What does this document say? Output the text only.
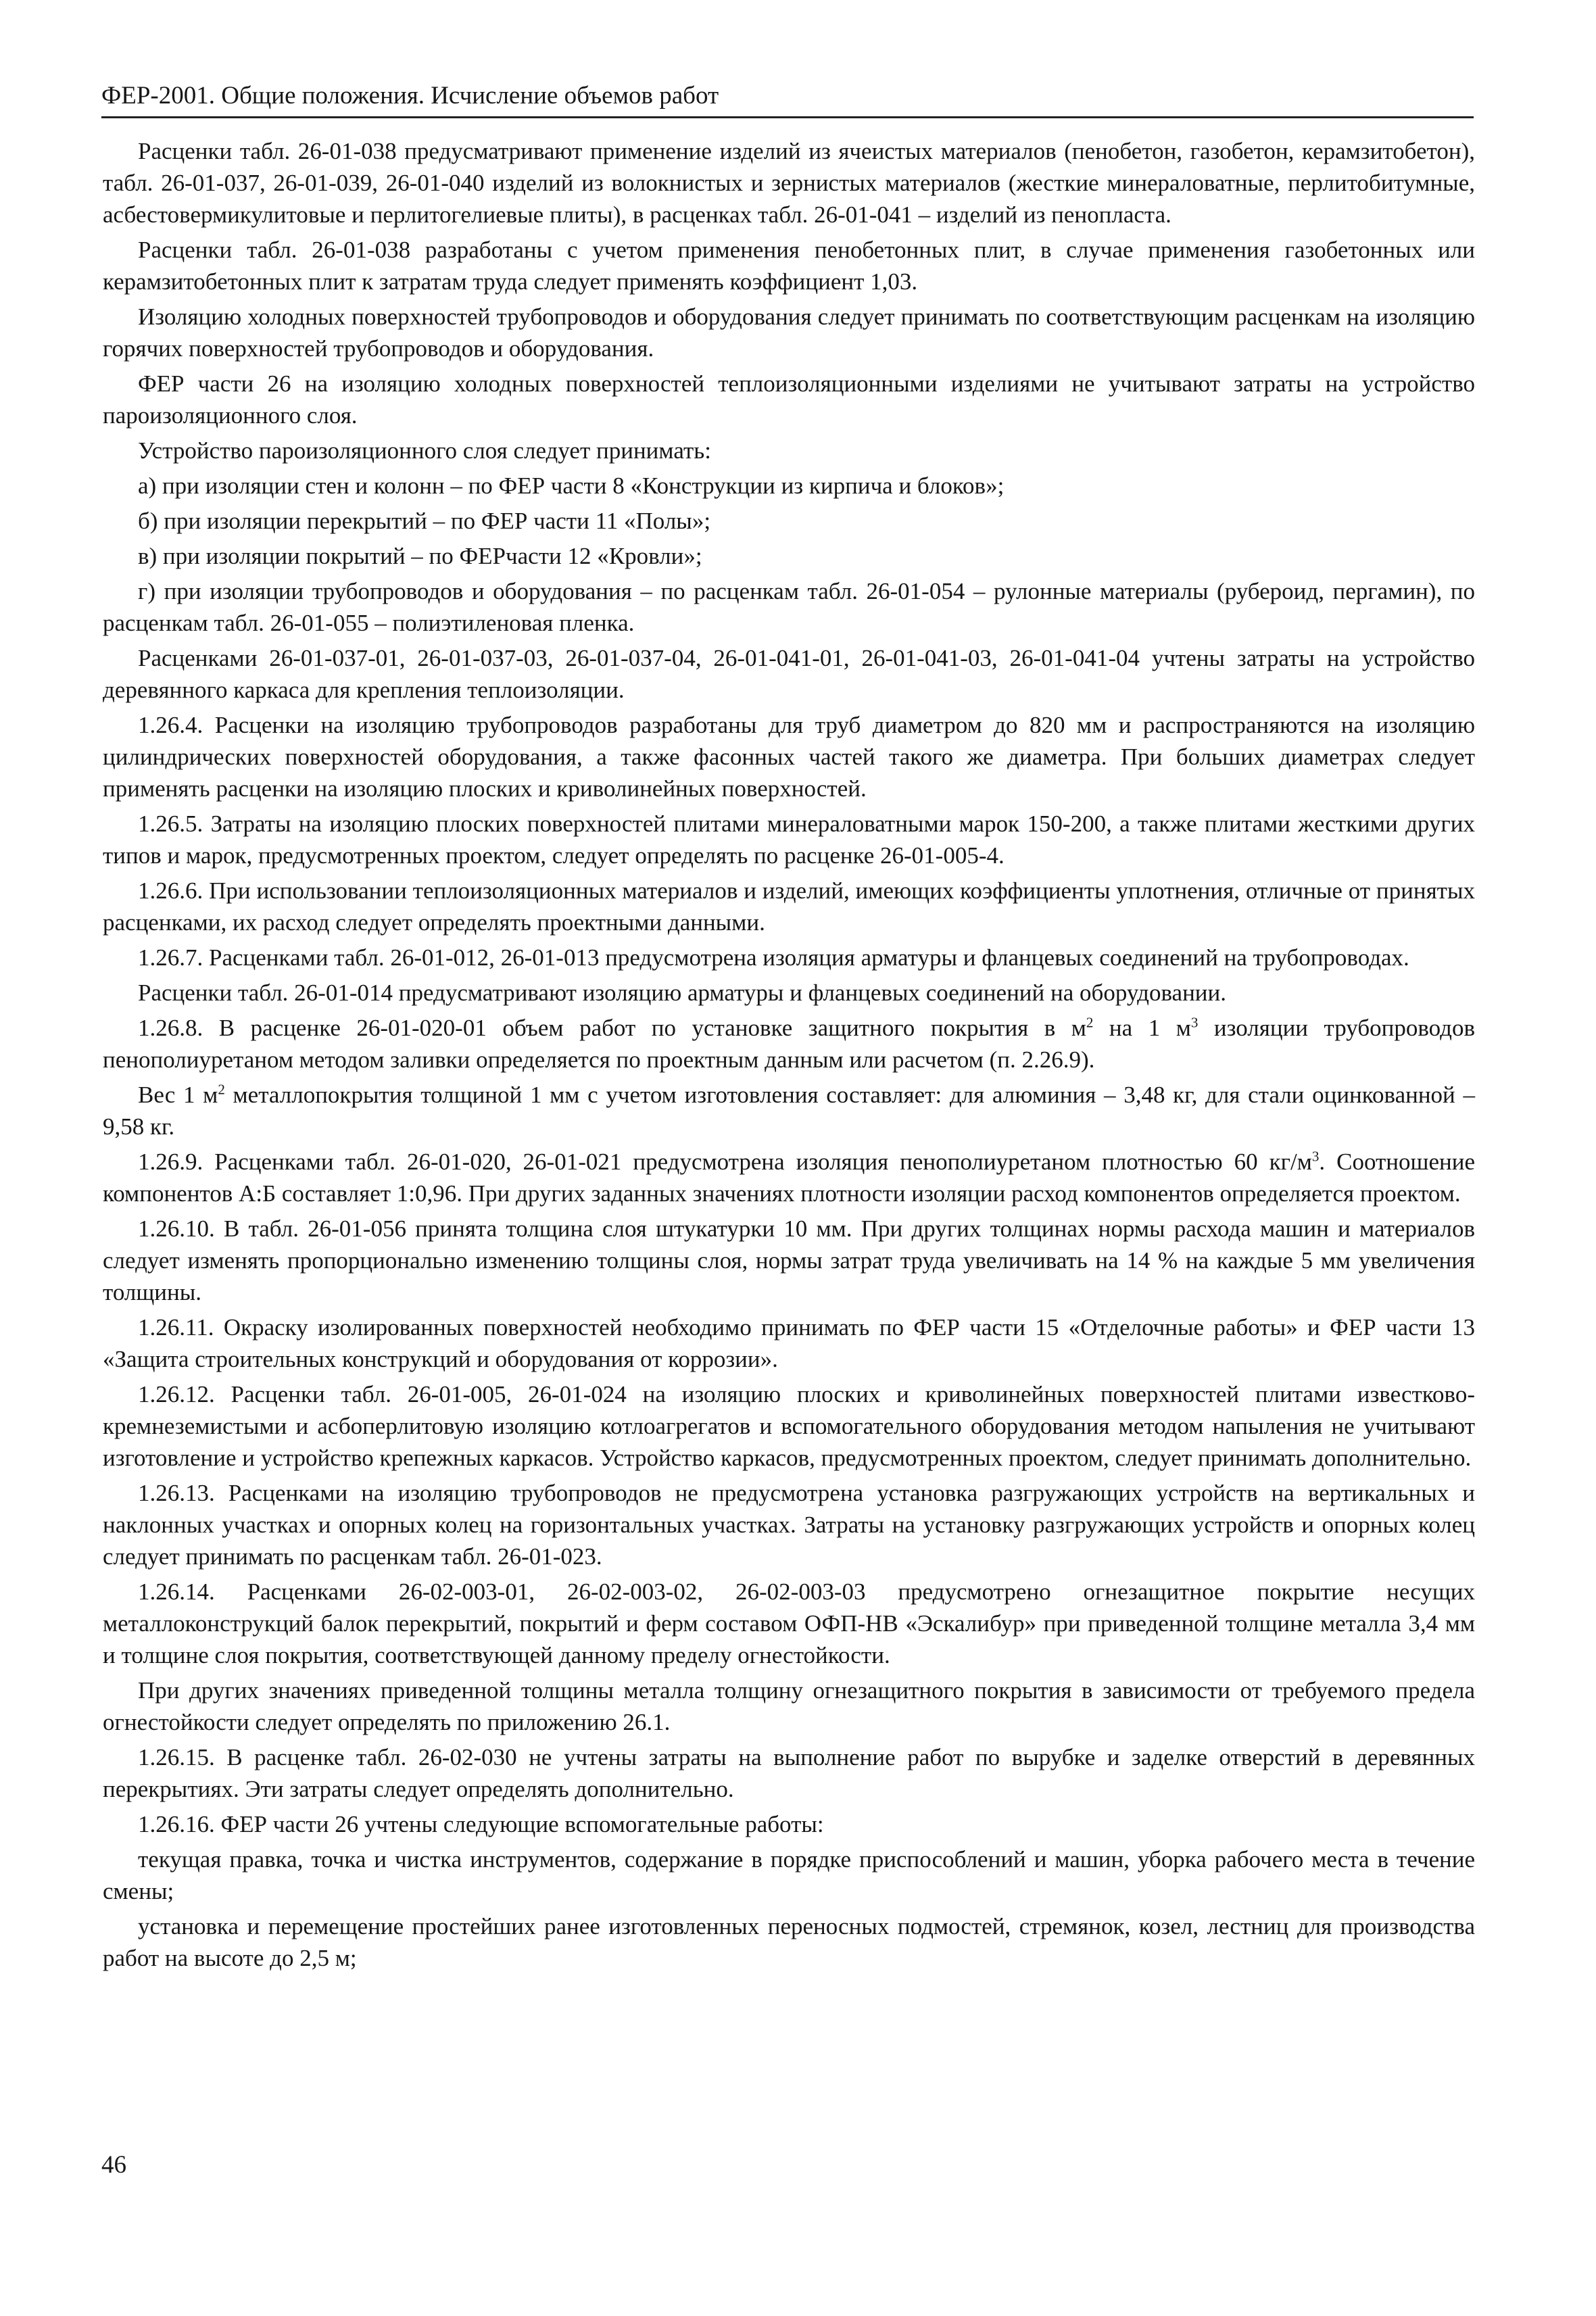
ФЕР-2001. Общие положения. Исчисление объемов работ

Расценки табл. 26-01-038 предусматривают применение изделий из ячеистых материалов (пенобетон, газобетон, керамзитобетон), табл. 26-01-037, 26-01-039, 26-01-040 изделий из волокнистых и зернистых материалов (жесткие минераловатные, перлитобитумные, асбестовермикулитовые и перлитогелиевые плиты), в расценках табл. 26-01-041 – изделий из пенопласта.

Расценки табл. 26-01-038 разработаны с учетом применения пенобетонных плит, в случае применения газобетонных или керамзитобетонных плит к затратам труда следует применять коэффициент 1,03.

Изоляцию холодных поверхностей трубопроводов и оборудования следует принимать по соответствующим расценкам на изоляцию горячих поверхностей трубопроводов и оборудования.

ФЕР части 26 на изоляцию холодных поверхностей теплоизоляционными изделиями не учитывают затраты на устройство пароизоляционного слоя.

Устройство пароизоляционного слоя следует принимать:

а) при изоляции стен и колонн – по ФЕР части 8 «Конструкции из кирпича и блоков»;

б) при изоляции перекрытий – по ФЕР части 11 «Полы»;

в) при изоляции покрытий – по ФЕРчасти 12 «Кровли»;

г) при изоляции трубопроводов и оборудования – по расценкам табл. 26-01-054 – рулонные материалы (рубероид, пергамин), по расценкам табл. 26-01-055 – полиэтиленовая пленка.

Расценками 26-01-037-01, 26-01-037-03, 26-01-037-04, 26-01-041-01, 26-01-041-03, 26-01-041-04 учтены затраты на устройство деревянного каркаса для крепления теплоизоляции.

1.26.4. Расценки на изоляцию трубопроводов разработаны для труб диаметром до 820 мм и распространяются на изоляцию цилиндрических поверхностей оборудования, а также фасонных частей такого же диаметра. При больших диаметрах следует применять расценки на изоляцию плоских и криволинейных поверхностей.

1.26.5. Затраты на изоляцию плоских поверхностей плитами минераловатными марок 150-200, а также плитами жесткими других типов и марок, предусмотренных проектом, следует определять по расценке 26-01-005-4.

1.26.6. При использовании теплоизоляционных материалов и изделий, имеющих коэффициенты уплотнения, отличные от принятых расценками, их расход следует определять проектными данными.

1.26.7. Расценками табл. 26-01-012, 26-01-013 предусмотрена изоляция арматуры и фланцевых соединений на трубопроводах.

Расценки табл. 26-01-014 предусматривают изоляцию арматуры и фланцевых соединений на оборудовании.

1.26.8. В расценке 26-01-020-01 объем работ по установке защитного покрытия в $м^2$ на 1 $м^3$ изоляции трубопроводов пенополиуретаном методом заливки определяется по проектным данным или расчетом (п. 2.26.9).

Вес 1 $м^2$ металлопокрытия толщиной 1 мм с учетом изготовления составляет: для алюминия – 3,48 кг, для стали оцинкованной – 9,58 кг.

1.26.9. Расценками табл. 26-01-020, 26-01-021 предусмотрена изоляция пенополиуретаном плотностью 60 $кг/м^3$. Соотношение компонентов А:Б составляет 1:0,96. При других заданных значениях плотности изоляции расход компонентов определяется проектом.

1.26.10. В табл. 26-01-056 принята толщина слоя штукатурки 10 мм. При других толщинах нормы расхода машин и материалов следует изменять пропорционально изменению толщины слоя, нормы затрат труда увеличивать на 14 % на каждые 5 мм увеличения толщины.

1.26.11. Окраску изолированных поверхностей необходимо принимать по ФЕР части 15 «Отделочные работы» и ФЕР части 13 «Защита строительных конструкций и оборудования от коррозии».

1.26.12. Расценки табл. 26-01-005, 26-01-024 на изоляцию плоских и криволинейных поверхностей плитами известково-кремнеземистыми и асбоперлитовую изоляцию котлоагрегатов и вспомогательного оборудования методом напыления не учитывают изготовление и устройство крепежных каркасов. Устройство каркасов, предусмотренных проектом, следует принимать дополнительно.

1.26.13. Расценками на изоляцию трубопроводов не предусмотрена установка разгружающих устройств на вертикальных и наклонных участках и опорных колец на горизонтальных участках. Затраты на установку разгружающих устройств и опорных колец следует принимать по расценкам табл. 26-01-023.

1.26.14. Расценками 26-02-003-01, 26-02-003-02, 26-02-003-03 предусмотрено огнезащитное покрытие несущих металлоконструкций балок перекрытий, покрытий и ферм составом ОФП-НВ «Эскалибур» при приведенной толщине металла 3,4 мм и толщине слоя покрытия, соответствующей данному пределу огнестойкости.

При других значениях приведенной толщины металла толщину огнезащитного покрытия в зависимости от требуемого предела огнестойкости следует определять по приложению 26.1.

1.26.15. В расценке табл. 26-02-030 не учтены затраты на выполнение работ по вырубке и заделке отверстий в деревянных перекрытиях. Эти затраты следует определять дополнительно.

1.26.16. ФЕР части 26 учтены следующие вспомогательные работы:

текущая правка, точка и чистка инструментов, содержание в порядке приспособлений и машин, уборка рабочего места в течение смены;

установка и перемещение простейших ранее изготовленных переносных подмостей, стремянок, козел, лестниц для производства работ на высоте до 2,5 м;

46
